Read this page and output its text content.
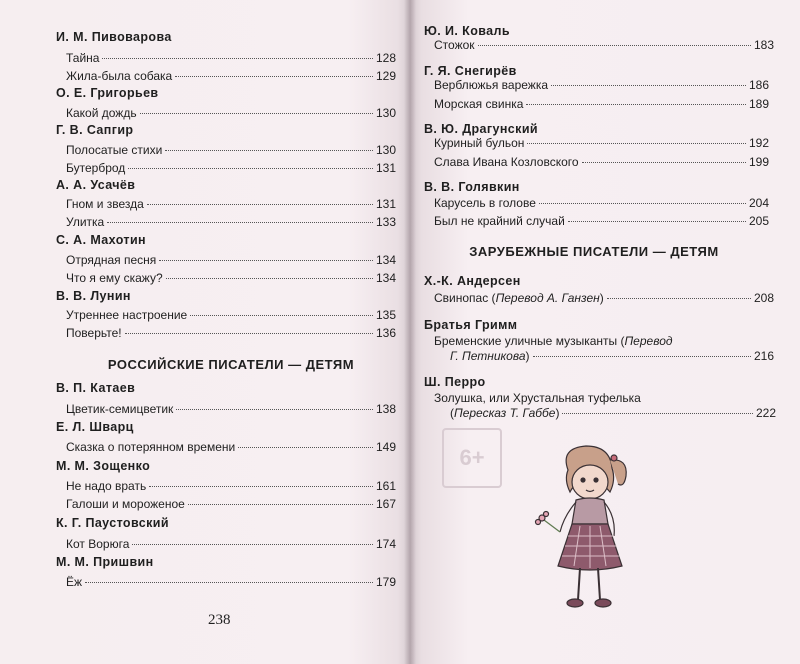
И. М. Пивоварова
Тайна	128
Жила-была собака	129
О. Е. Григорьев
Какой дождь	130
Г. В. Сапгир
Полосатые стихи	130
Бутерброд	131
А. А. Усачёв
Гном и звезда	131
Улитка	133
С. А. Махотин
Отрядная песня	134
Что я ему скажу?	134
В. В. Лунин
Утреннее настроение	135
Поверьте!	136
РОССИЙСКИЕ ПИСАТЕЛИ — ДЕТЯМ
В. П. Катаев
Цветик-семицветик	138
Е. Л. Шварц
Сказка о потерянном времени	149
М. М. Зощенко
Не надо врать	161
Галоши и мороженое	167
К. Г. Паустовский
Кот Ворюга	174
М. М. Пришвин
Ёж	179
238
Ю. И. Коваль
Стожок	183
Г. Я. Снегирёв
Верблюжья варежка	186
Морская свинка	189
В. Ю. Драгунский
Куриный бульон	192
Слава Ивана Козловского	199
В. В. Голявкин
Карусель в голове	204
Был не крайний случай	205
ЗАРУБЕЖНЫЕ ПИСАТЕЛИ — ДЕТЯМ
Х.-К. Андерсен
Свинопас (Перевод А. Ганзен)	208
Братья Гримм
Бременские уличные музыканты (Перевод
Г. Петникова)	216
Ш. Перро
Золушка, или Хрустальная туфелька
(Пересказ Т. Габбе)	222
6+
